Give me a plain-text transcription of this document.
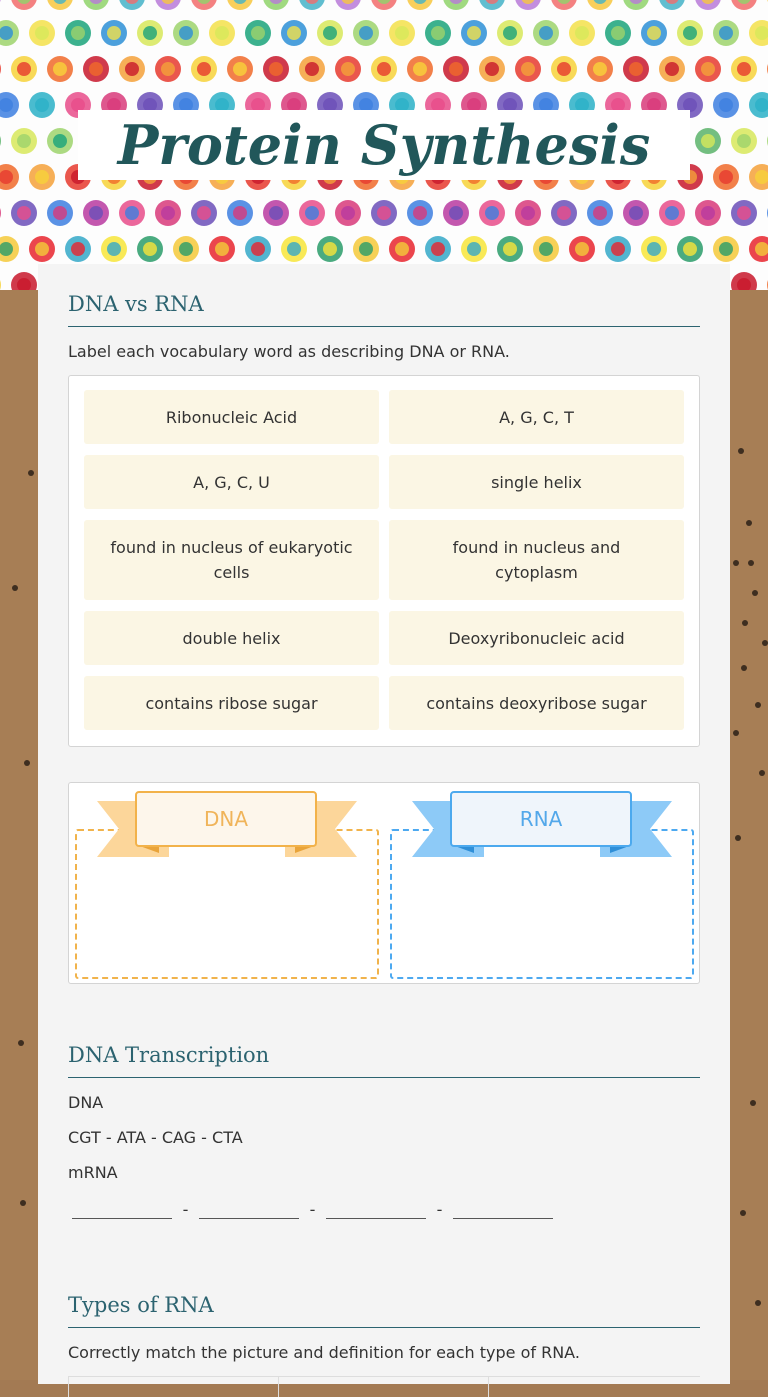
Protein Synthesis
DNA vs RNA
Label each vocabulary word as describing DNA or RNA.
Ribonucleic Acid	A, G, C, T
A, G, C, U	single helix
found in nucleus of eukaryotic cells
found in nucleus and cytoplasm
double helix	Deoxyribonucleic acid
contains ribose sugar	contains deoxyribose sugar
DNA	RNA
DNA Transcription
DNA
CGT - ATA - CAG - CTA
mRNA
-	-	-
Types of RNA
Correctly match the picture and definition for each type of RNA.
